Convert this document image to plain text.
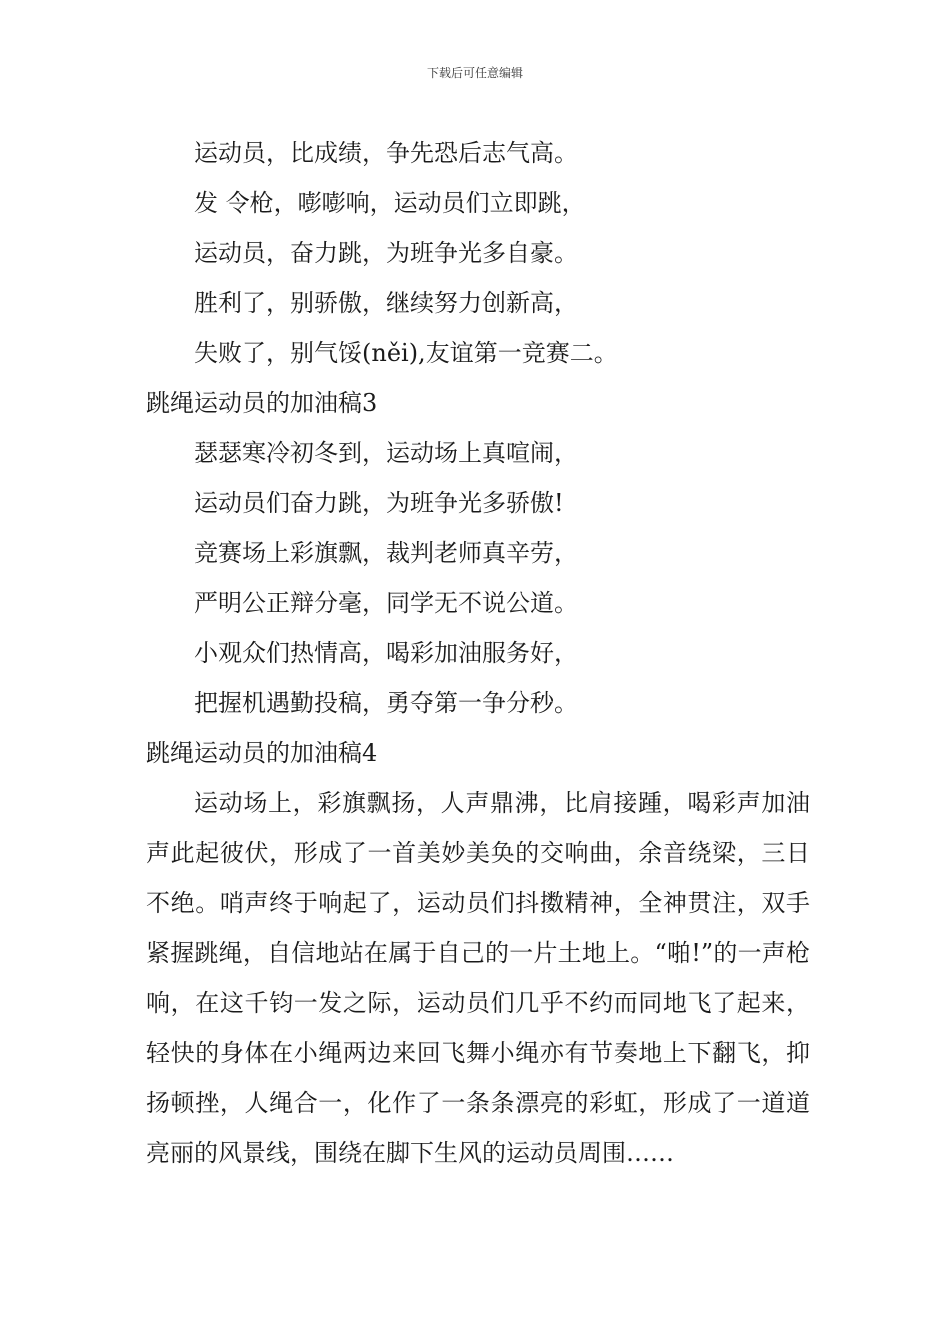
下载后可任意编辑
运动员，比成绩，争先恐后志气高。
发 令枪，嘭嘭响，运动员们立即跳，
运动员，奋力跳，为班争光多自豪。
胜利了，别骄傲，继续努力创新高，
失败了，别气馁(něi),友谊第一竞赛二。
跳绳运动员的加油稿3
瑟瑟寒冷初冬到，运动场上真喧闹，
运动员们奋力跳，为班争光多骄傲!
竞赛场上彩旗飘，裁判老师真辛劳，
严明公正辩分毫，同学无不说公道。
小观众们热情高，喝彩加油服务好，
把握机遇勤投稿，勇夺第一争分秒。
跳绳运动员的加油稿4

运动场上，彩旗飘扬，人声鼎沸，比肩接踵，喝彩声加油声此起彼伏，形成了一首美妙美奂的交响曲，余音绕梁，三日不绝。哨声终于响起了，运动员们抖擞精神，全神贯注，双手紧握跳绳，自信地站在属于自己的一片土地上。“啪!”的一声枪响，在这千钧一发之际，运动员们几乎不约而同地飞了起来，轻快的身体在小绳两边来回飞舞小绳亦有节奏地上下翻飞，抑扬顿挫，人绳合一，化作了一条条漂亮的彩虹，形成了一道道亮丽的风景线，围绕在脚下生风的运动员周围……
